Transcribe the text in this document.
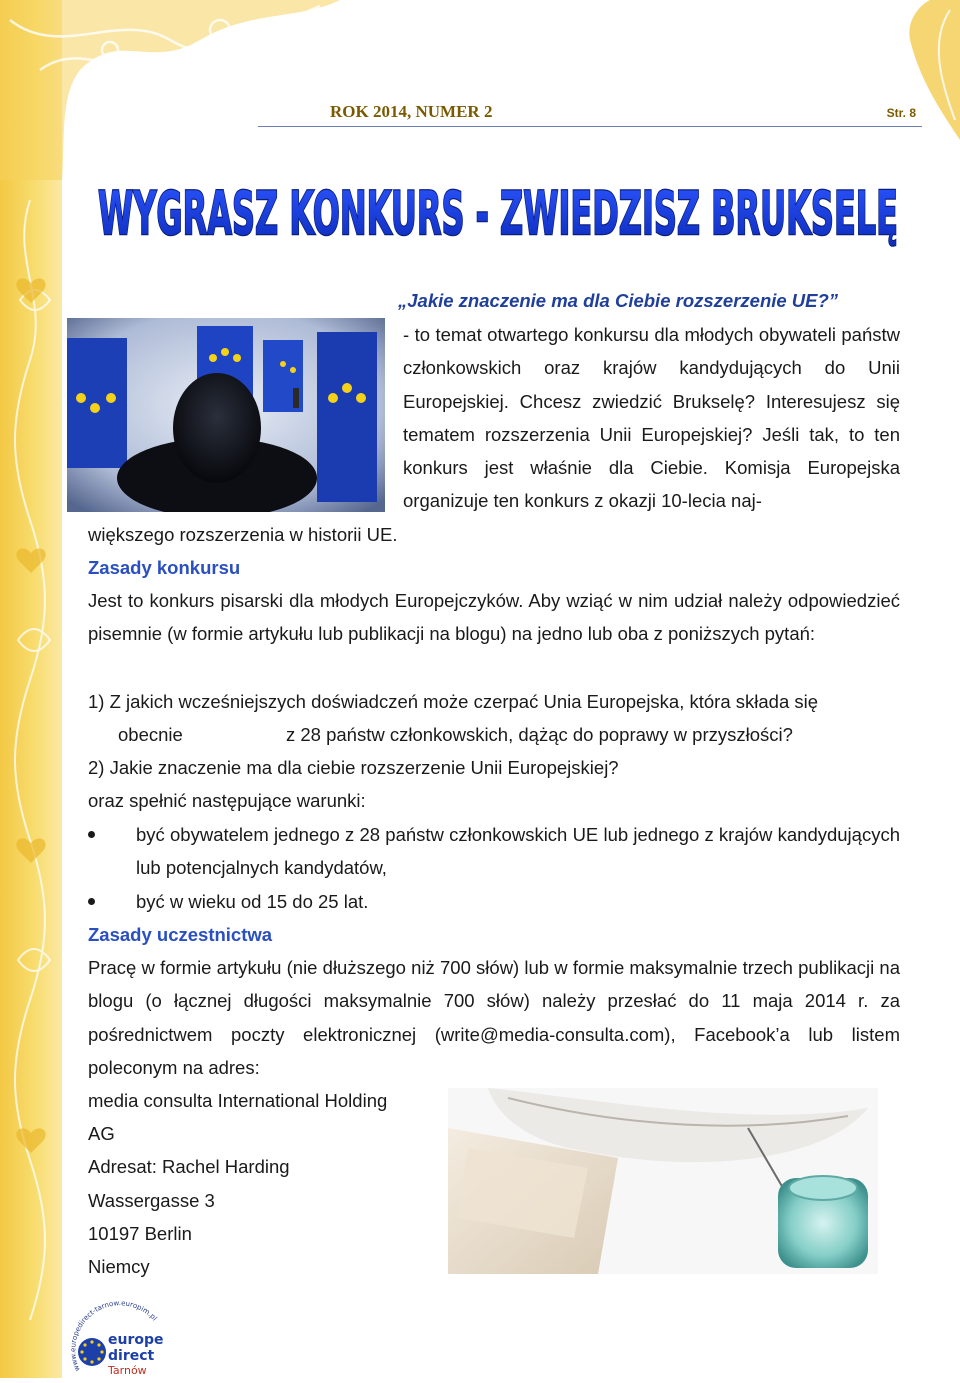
ROK 2014, NUMER 2	Str. 8
WYGRASZ KONKURS - ZWIEDZISZ BRUKSELĘ

„Jakie znaczenie ma dla Ciebie rozszerzenie UE?”

- to temat otwartego konkursu dla młodych obywateli państw członkowskich oraz krajów kandydujących do Unii Europejskiej. Chcesz zwiedzić Brukselę? Interesujesz się tematem rozszerzenia Unii Europejskiej? Jeśli tak, to ten konkurs jest właśnie dla Ciebie. Komisja Europejska organizuje ten konkurs z okazji 10-lecia naj-

większego rozszerzenia w historii UE.

Zasady konkursu

Jest to konkurs pisarski dla młodych Europejczyków. Aby wziąć w nim udział należy odpowiedzieć pisemnie (w formie artykułu lub publikacji na blogu) na jedno lub oba z poniższych pytań:

1) Z jakich wcześniejszych doświadczeń może czerpać Unia Europejska, która składa się

obecnie	z 28 państw członkowskich, dążąc do poprawy w przyszłości?

2) Jakie znaczenie ma dla ciebie rozszerzenie Unii Europejskiej?

oraz spełnić następujące warunki:

być obywatelem jednego z 28 państw członkowskich UE lub jednego z krajów kandydujących lub potencjalnych kandydatów,

być w wieku od 15 do 25 lat.

Zasady uczestnictwa

Pracę w formie artykułu (nie dłuższego niż 700 słów) lub w formie maksymalnie trzech publikacji na blogu (o łącznej długości maksymalnie 700 słów) należy przesłać do 11 maja 2014 r. za pośrednictwem poczty elektronicznej (write@media-consulta.com), Facebook’a lub listem poleconym na adres:

media consulta International Holding

AG

Adresat: Rachel Harding

Wassergasse 3

10197 Berlin

Niemcy

www.europedirect-tarnow.europim.pl
europe
direct
Tarnów
